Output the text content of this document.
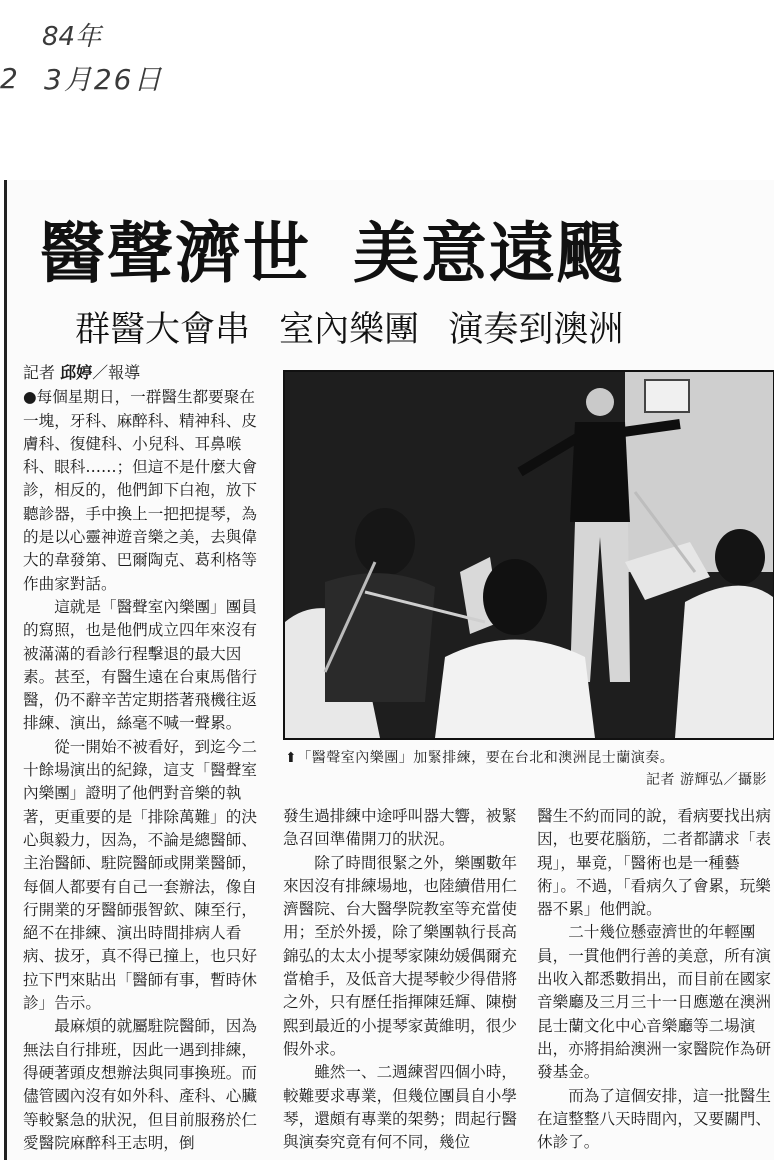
84年
2 3月26日
醫聲濟世 美意遠颺
群醫大會串 室內樂團 演奏到澳洲
記者 邱婷／報導

●每個星期日，一群醫生都要聚在一塊，牙科、麻醉科、精神科、皮膚科、復健科、小兒科、耳鼻喉科、眼科……；但這不是什麼大會診，相反的，他們卸下白袍，放下聽診器，手中換上一把把提琴，為的是以心靈神遊音樂之美，去與偉大的韋發第、巴爾陶克、葛利格等作曲家對話。

這就是「醫聲室內樂團」團員的寫照，也是他們成立四年來沒有被滿滿的看診行程擊退的最大因素。甚至，有醫生遠在台東馬偕行醫，仍不辭辛苦定期搭著飛機往返排練、演出，絲毫不喊一聲累。

從一開始不被看好，到迄今二十餘場演出的紀錄，這支「醫聲室內樂團」證明了他們對音樂的執著，更重要的是「排除萬難」的決心與毅力，因為，不論是總醫師、主治醫師、駐院醫師或開業醫師，每個人都要有自己一套辦法，像自行開業的牙醫師張智欽、陳至行，絕不在排練、演出時間排病人看病、拔牙，真不得已撞上，也只好拉下門來貼出「醫師有事，暫時休診」告示。

最麻煩的就屬駐院醫師，因為無法自行排班，因此一遇到排練，得硬著頭皮想辦法與同事換班。而儘管國內沒有如外科、產科、心臟等較緊急的狀況，但目前服務於仁愛醫院麻醉科王志明，倒

⬆「醫聲室內樂團」加緊排練，要在台北和澳洲昆士蘭演奏。
記者 游輝弘／攝影

發生過排練中途呼叫器大響，被緊急召回準備開刀的狀況。

除了時間很緊之外，樂團數年來因沒有排練場地，也陸續借用仁濟醫院、台大醫學院教室等充當使用；至於外援，除了樂團執行長高錦弘的太太小提琴家陳幼媛偶爾充當槍手，及低音大提琴較少得借將之外，只有歷任指揮陳廷輝、陳樹熙到最近的小提琴家黃維明，很少假外求。

雖然一、二週練習四個小時，較難要求專業，但幾位團員自小學琴，還頗有專業的架勢；問起行醫與演奏究竟有何不同，幾位

醫生不約而同的說，看病要找出病因，也要花腦筋，二者都講求「表現」，畢竟，「醫術也是一種藝術」。不過，「看病久了會累，玩樂器不累」他們說。

二十幾位懸壺濟世的年輕團員，一貫他們行善的美意，所有演出收入都悉數捐出，而目前在國家音樂廳及三月三十一日應邀在澳洲昆士蘭文化中心音樂廳等二場演出，亦將捐給澳洲一家醫院作為研發基金。

而為了這個安排，這一批醫生在這整整八天時間內，又要關門、休診了。
